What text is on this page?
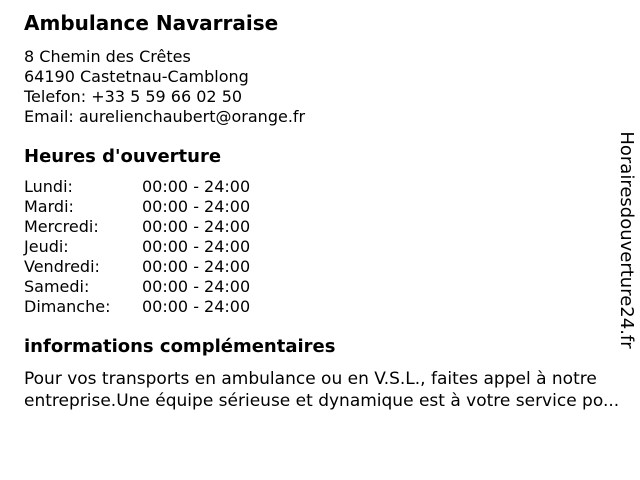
Ambulance Navarraise
8 Chemin des Crêtes
64190 Castetnau-Camblong
Telefon: +33 5 59 66 02 50
Email: aurelienchaubert@orange.fr
Heures d'ouverture
Lundi:	00:00 - 24:00
Mardi:	00:00 - 24:00
Mercredi:	00:00 - 24:00
Jeudi:	00:00 - 24:00
Vendredi:	00:00 - 24:00
Samedi:	00:00 - 24:00
Dimanche:	00:00 - 24:00
informations complémentaires

Pour vos transports en ambulance ou en V.S.L., faites appel à notre entreprise.Une équipe sérieuse et dynamique est à votre service po...

Horairesdouverture24.fr
